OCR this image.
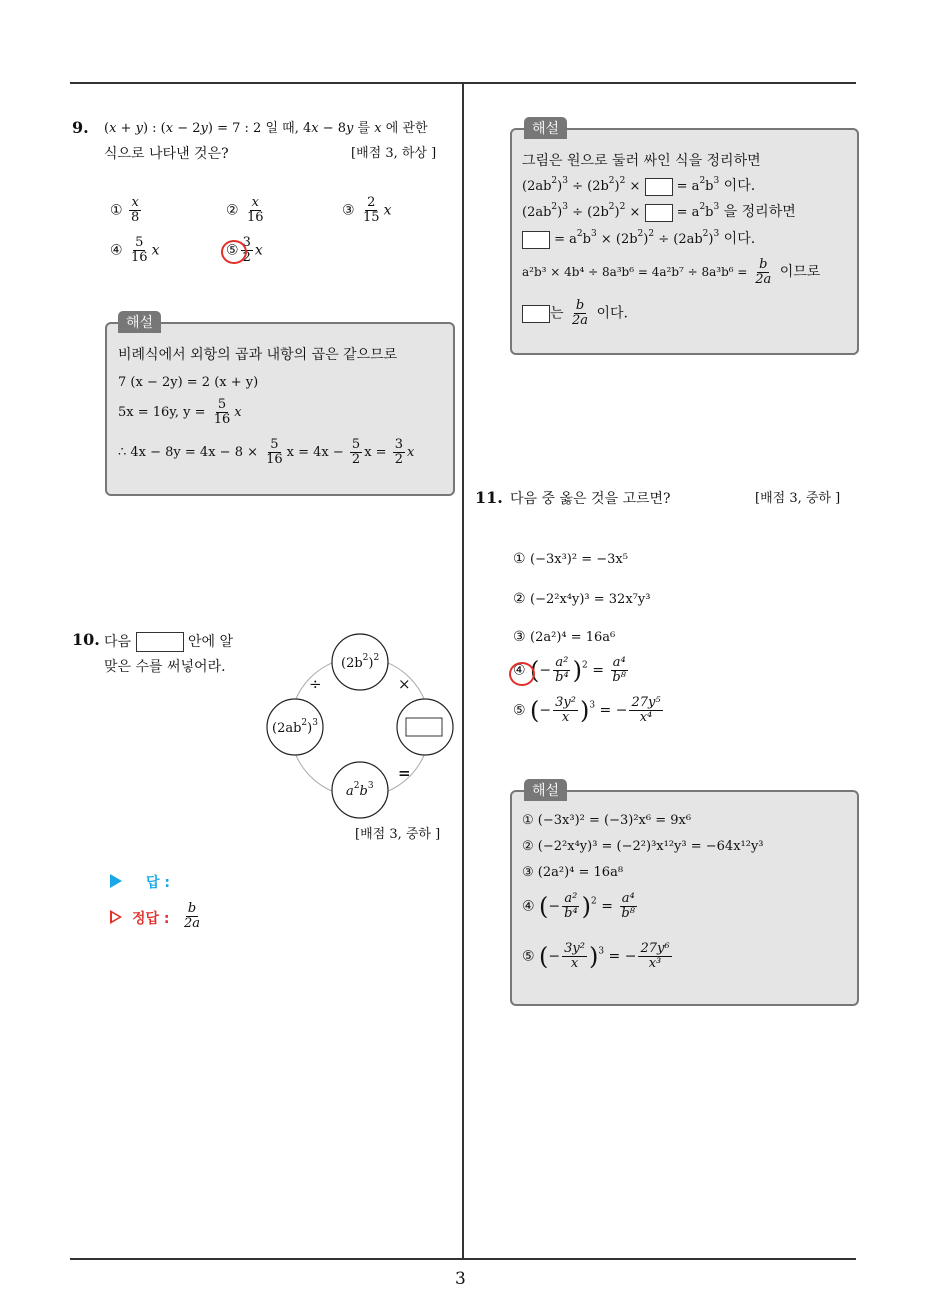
3
9. (x + y) : (x − 2y) = 7 : 2 일 때, 4x − 8y 를 x 에 관한
식으로 나타낸 것은?	[배점 3, 하상 ]
① $\frac{x}{8}$	② $\frac{x}{16}$	③ $\frac{2}{15}$ x
④ $\frac{5}{16}$ x	⑤ $\frac{3}{2}$ x
해설
비례식에서 외항의 곱과 내항의 곱은 같으므로
7 (x − 2y) = 2 (x + y)
5x = 16y, $y = \frac{5}{16}$ x
∴ $4x - 8y = 4x - 8 \times \frac{5}{16}$ $x = 4x - \frac{5}{2}$ $x = \frac{3}{2}$ x
10. 다음	안에 알
맞은 수를 써넣어라.	$(2b^2)^2$
$(2ab^2)^3$
$a^2b^3$
÷	×
=
[배점 3, 중하 ]
답 :
정답 : $\frac{b}{2a}$
해설
그림은 원으로 둘러 싸인 식을 정리하면
$(2ab^2)^3 \div (2b^2)^2$ ×  = $a^2b^3$ 이다.
$(2ab^2)^3 \div (2b^2)^2$ ×  = $a^2b^3$ 을 정리하면
= $a^2b^3 \times (2b^2)^2 \div (2ab^2)^3$ 이다.
$a^2b^3 \times 4b^4 \div 8a^3b^6 = 4a^2b^7 \div 8a^3b^6 = \frac{b}{2a}$ 이므로
는 $\frac{b}{2a}$ 이다.
11. 다음 중 옳은 것을 고르면?	[배점 3, 중하 ]
① (−3x³)² = −3x⁵
② (−2²x⁴y)³ = 32x⁷y³
③ (2a²)⁴ = 16a⁶
④ (− $\frac{\text{a²}}{\text{b⁴}} )^2 = \frac{\text{a⁴}}{\text{b⁸}}$
⑤ (− $\frac{\text{3y²}}{x} )^3$ = − $\frac{\text{27y⁵}}{\text{x⁴}}$
해설
① (−3x³)² = (−3)²x⁶ = 9x⁶
② (−2²x⁴y)³ = (−2²)³x¹²y³ = −64x¹²y³
③ (2a²)⁴ = 16a⁸
④ (− $\frac{\text{a²}}{\text{b⁴}} )^2 = \frac{\text{a⁴}}{\text{b⁸}}$
⑤ (− $\frac{\text{3y²}}{x} )^3$ = − $\frac{\text{27y⁶}}{\text{x³}}$
